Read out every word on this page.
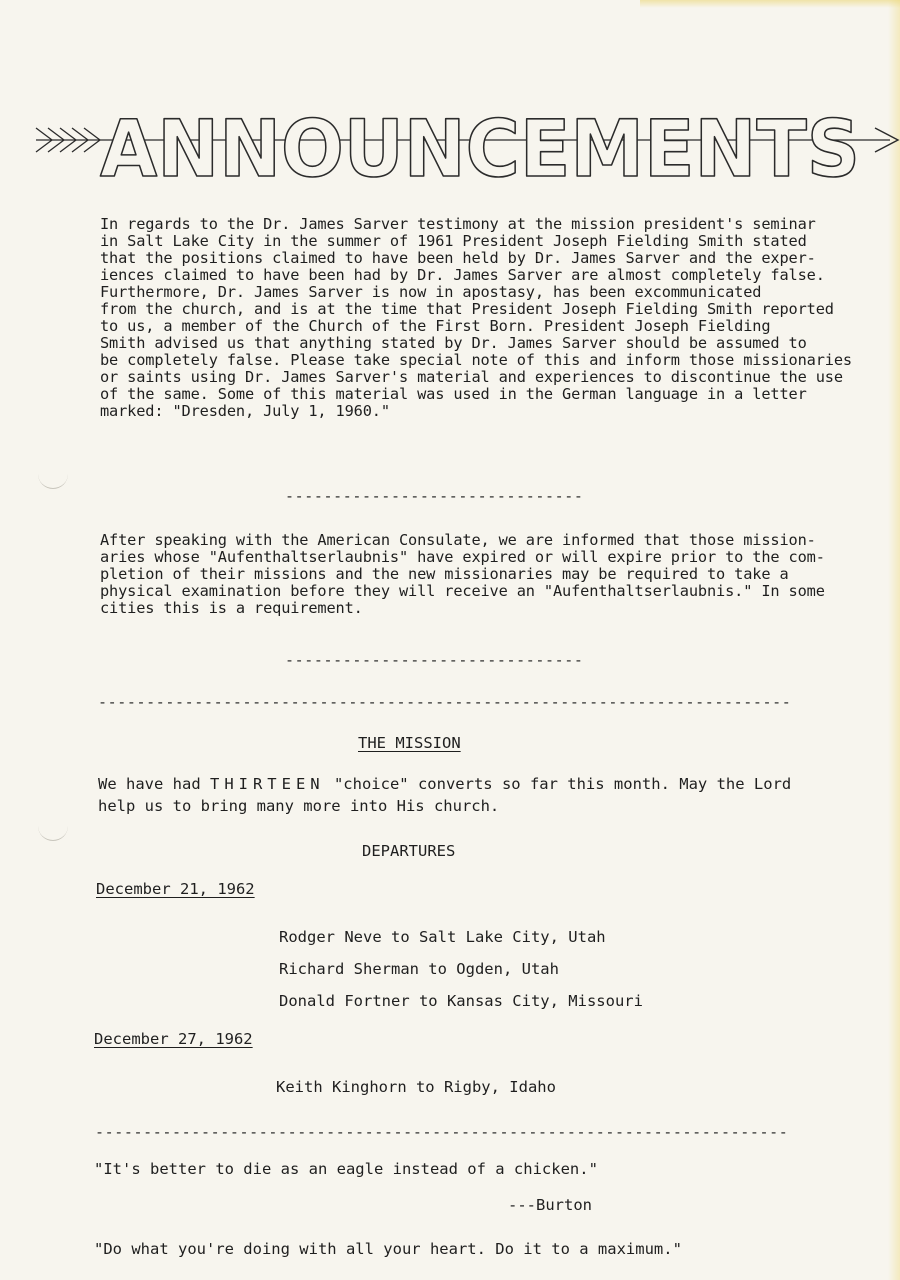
ANNOUNCEMENTS
In regards to the Dr. James Sarver testimony at the mission president's seminar
in Salt Lake City in the summer of 1961 President Joseph Fielding Smith stated
that the positions claimed to have been held by Dr. James Sarver and the exper-
iences claimed to have been had by Dr. James Sarver are almost completely false.
Furthermore, Dr. James Sarver is now in apostasy, has been excommunicated
from the church, and is at the time that President Joseph Fielding Smith reported
to us, a member of the Church of the First Born. President Joseph Fielding
Smith advised us that anything stated by Dr. James Sarver should be assumed to
be completely false. Please take special note of this and inform those missionaries
or saints using Dr. James Sarver's material and experiences to discontinue the use
of the same. Some of this material was used in the German language in a letter
marked: "Dresden, July 1, 1960."
-------------------------------
After speaking with the American Consulate, we are informed that those mission-
aries whose "Aufenthaltserlaubnis" have expired or will expire prior to the com-
pletion of their missions and the new missionaries may be required to take a
physical examination before they will receive an "Aufenthaltserlaubnis." In some
cities this is a requirement.
-------------------------------
------------------------------------------------------------------------
THE MISSION
We have had THIRTEEN "choice" converts so far this month. May the Lord
help us to bring many more into His church.
DEPARTURES
December 21, 1962
Rodger Neve to Salt Lake City, Utah
Richard Sherman to Ogden, Utah
Donald Fortner to Kansas City, Missouri
December 27, 1962
Keith Kinghorn to Rigby, Idaho
------------------------------------------------------------------------
"It's better to die as an eagle instead of a chicken."
---Burton
"Do what you're doing with all your heart. Do it to a maximum."
